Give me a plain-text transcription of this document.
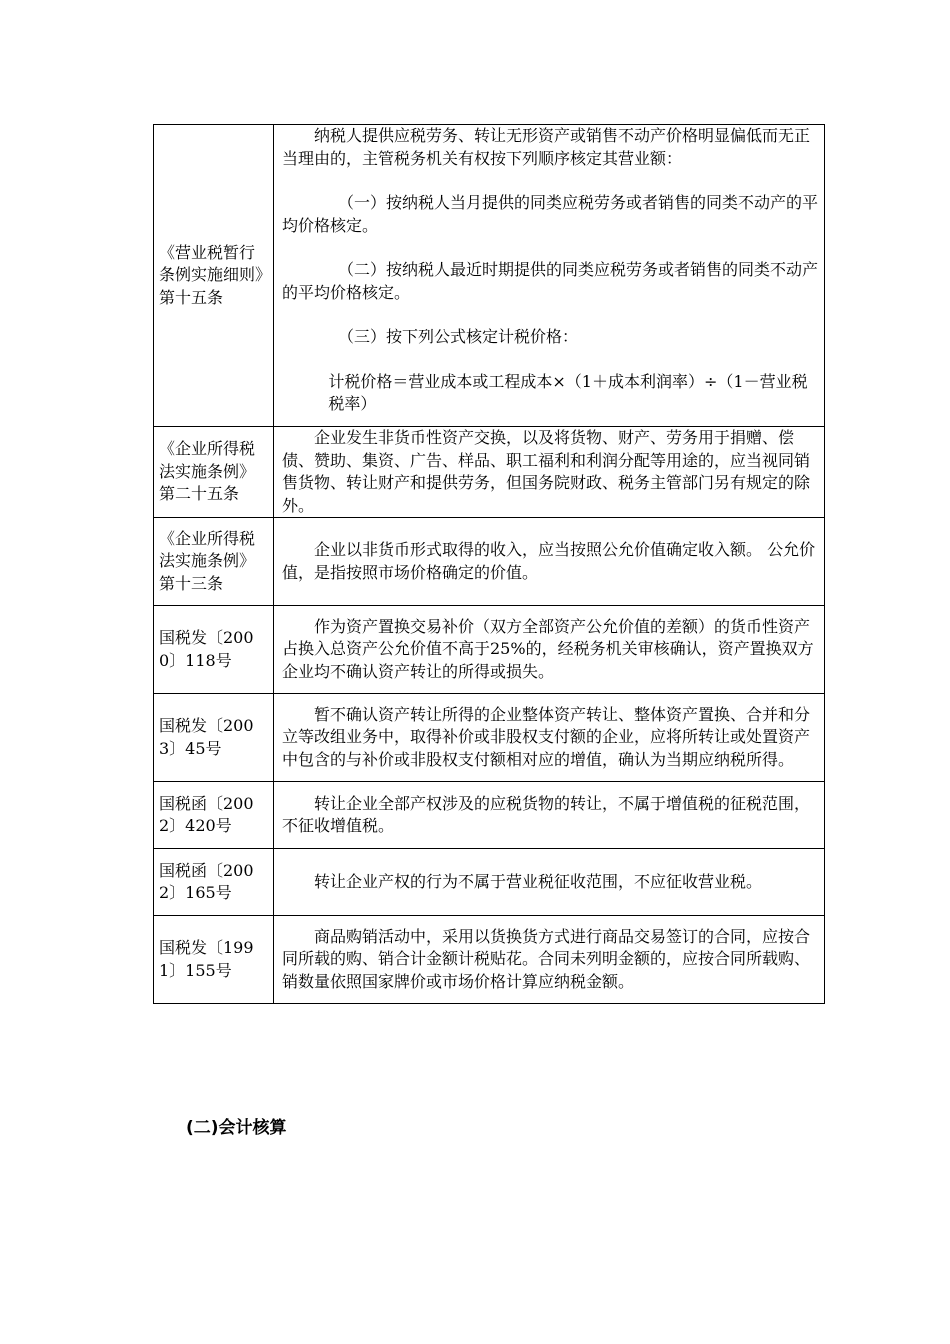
《营业税暂行条例实施细则》第十五条	纳税人提供应税劳务、转让无形资产或销售不动产价格明显偏低而无正当理由的，主管税务机关有权按下列顺序核定其营业额：

（一）按纳税人当月提供的同类应税劳务或者销售的同类不动产的平均价格核定。

（二）按纳税人最近时期提供的同类应税劳务或者销售的同类不动产的平均价格核定。

（三）按下列公式核定计税价格：

计税价格＝营业成本或工程成本×（1＋成本利润率）÷（1－营业税税率）

《企业所得税法实施条例》第二十五条	企业发生非货币性资产交换，以及将货物、财产、劳务用于捐赠、偿债、赞助、集资、广告、样品、职工福利和利润分配等用途的，应当视同销售货物、转让财产和提供劳务，但国务院财政、税务主管部门另有规定的除外。

《企业所得税法实施条例》第十三条	企业以非货币形式取得的收入，应当按照公允价值确定收入额。 公允价值，是指按照市场价格确定的价值。

国税发〔2000〕118号	作为资产置换交易补价（双方全部资产公允价值的差额）的货币性资产占换入总资产公允价值不高于25%的，经税务机关审核确认，资产置换双方企业均不确认资产转让的所得或损失。

国税发〔2003〕45号	暂不确认资产转让所得的企业整体资产转让、整体资产置换、合并和分立等改组业务中，取得补价或非股权支付额的企业，应将所转让或处置资产中包含的与补价或非股权支付额相对应的增值，确认为当期应纳税所得。

国税函〔2002〕420号	转让企业全部产权涉及的应税货物的转让，不属于增值税的征税范围，不征收增值税。

国税函〔2002〕165号	转让企业产权的行为不属于营业税征收范围，不应征收营业税。

国税发〔1991〕155号	商品购销活动中，采用以货换货方式进行商品交易签订的合同，应按合同所载的购、销合计金额计税贴花。合同未列明金额的，应按合同所载购、销数量依照国家牌价或市场价格计算应纳税金额。

(二)会计核算
